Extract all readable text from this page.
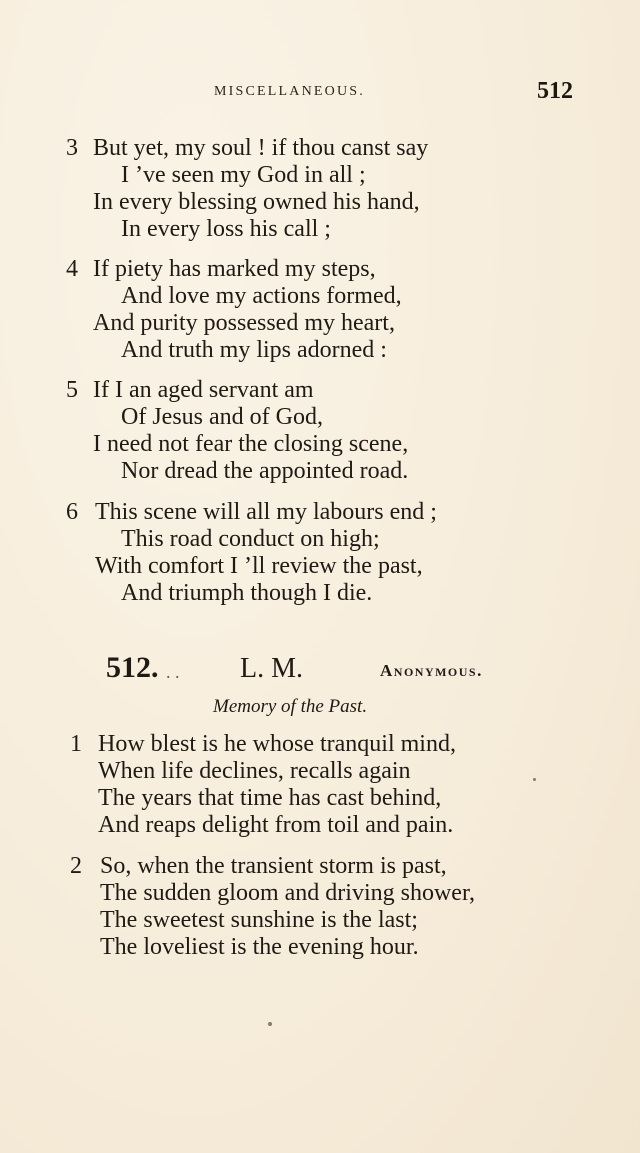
MISCELLANEOUS.	512
3 But yet, my soul ! if thou canst say
I ’ve seen my God in all ;
In every blessing owned his hand,
In every loss his call ;
4 If piety has marked my steps,
And love my actions formed,
And purity possessed my heart,
And truth my lips adorned :
5 If I an aged servant am
Of Jesus and of God,
I need not fear the closing scene,
Nor dread the appointed road.
6 This scene will all my labours end ;
This road conduct on high;
With comfort I ’ll review the past,
And triumph though I die.
512. . . L. M.	Anonymous.
Memory of the Past.
1 How blest is he whose tranquil mind,
When life declines, recalls again
The years that time has cast behind,
And reaps delight from toil and pain.
2 So, when the transient storm is past,
The sudden gloom and driving shower,
The sweetest sunshine is the last;
The loveliest is the evening hour.
